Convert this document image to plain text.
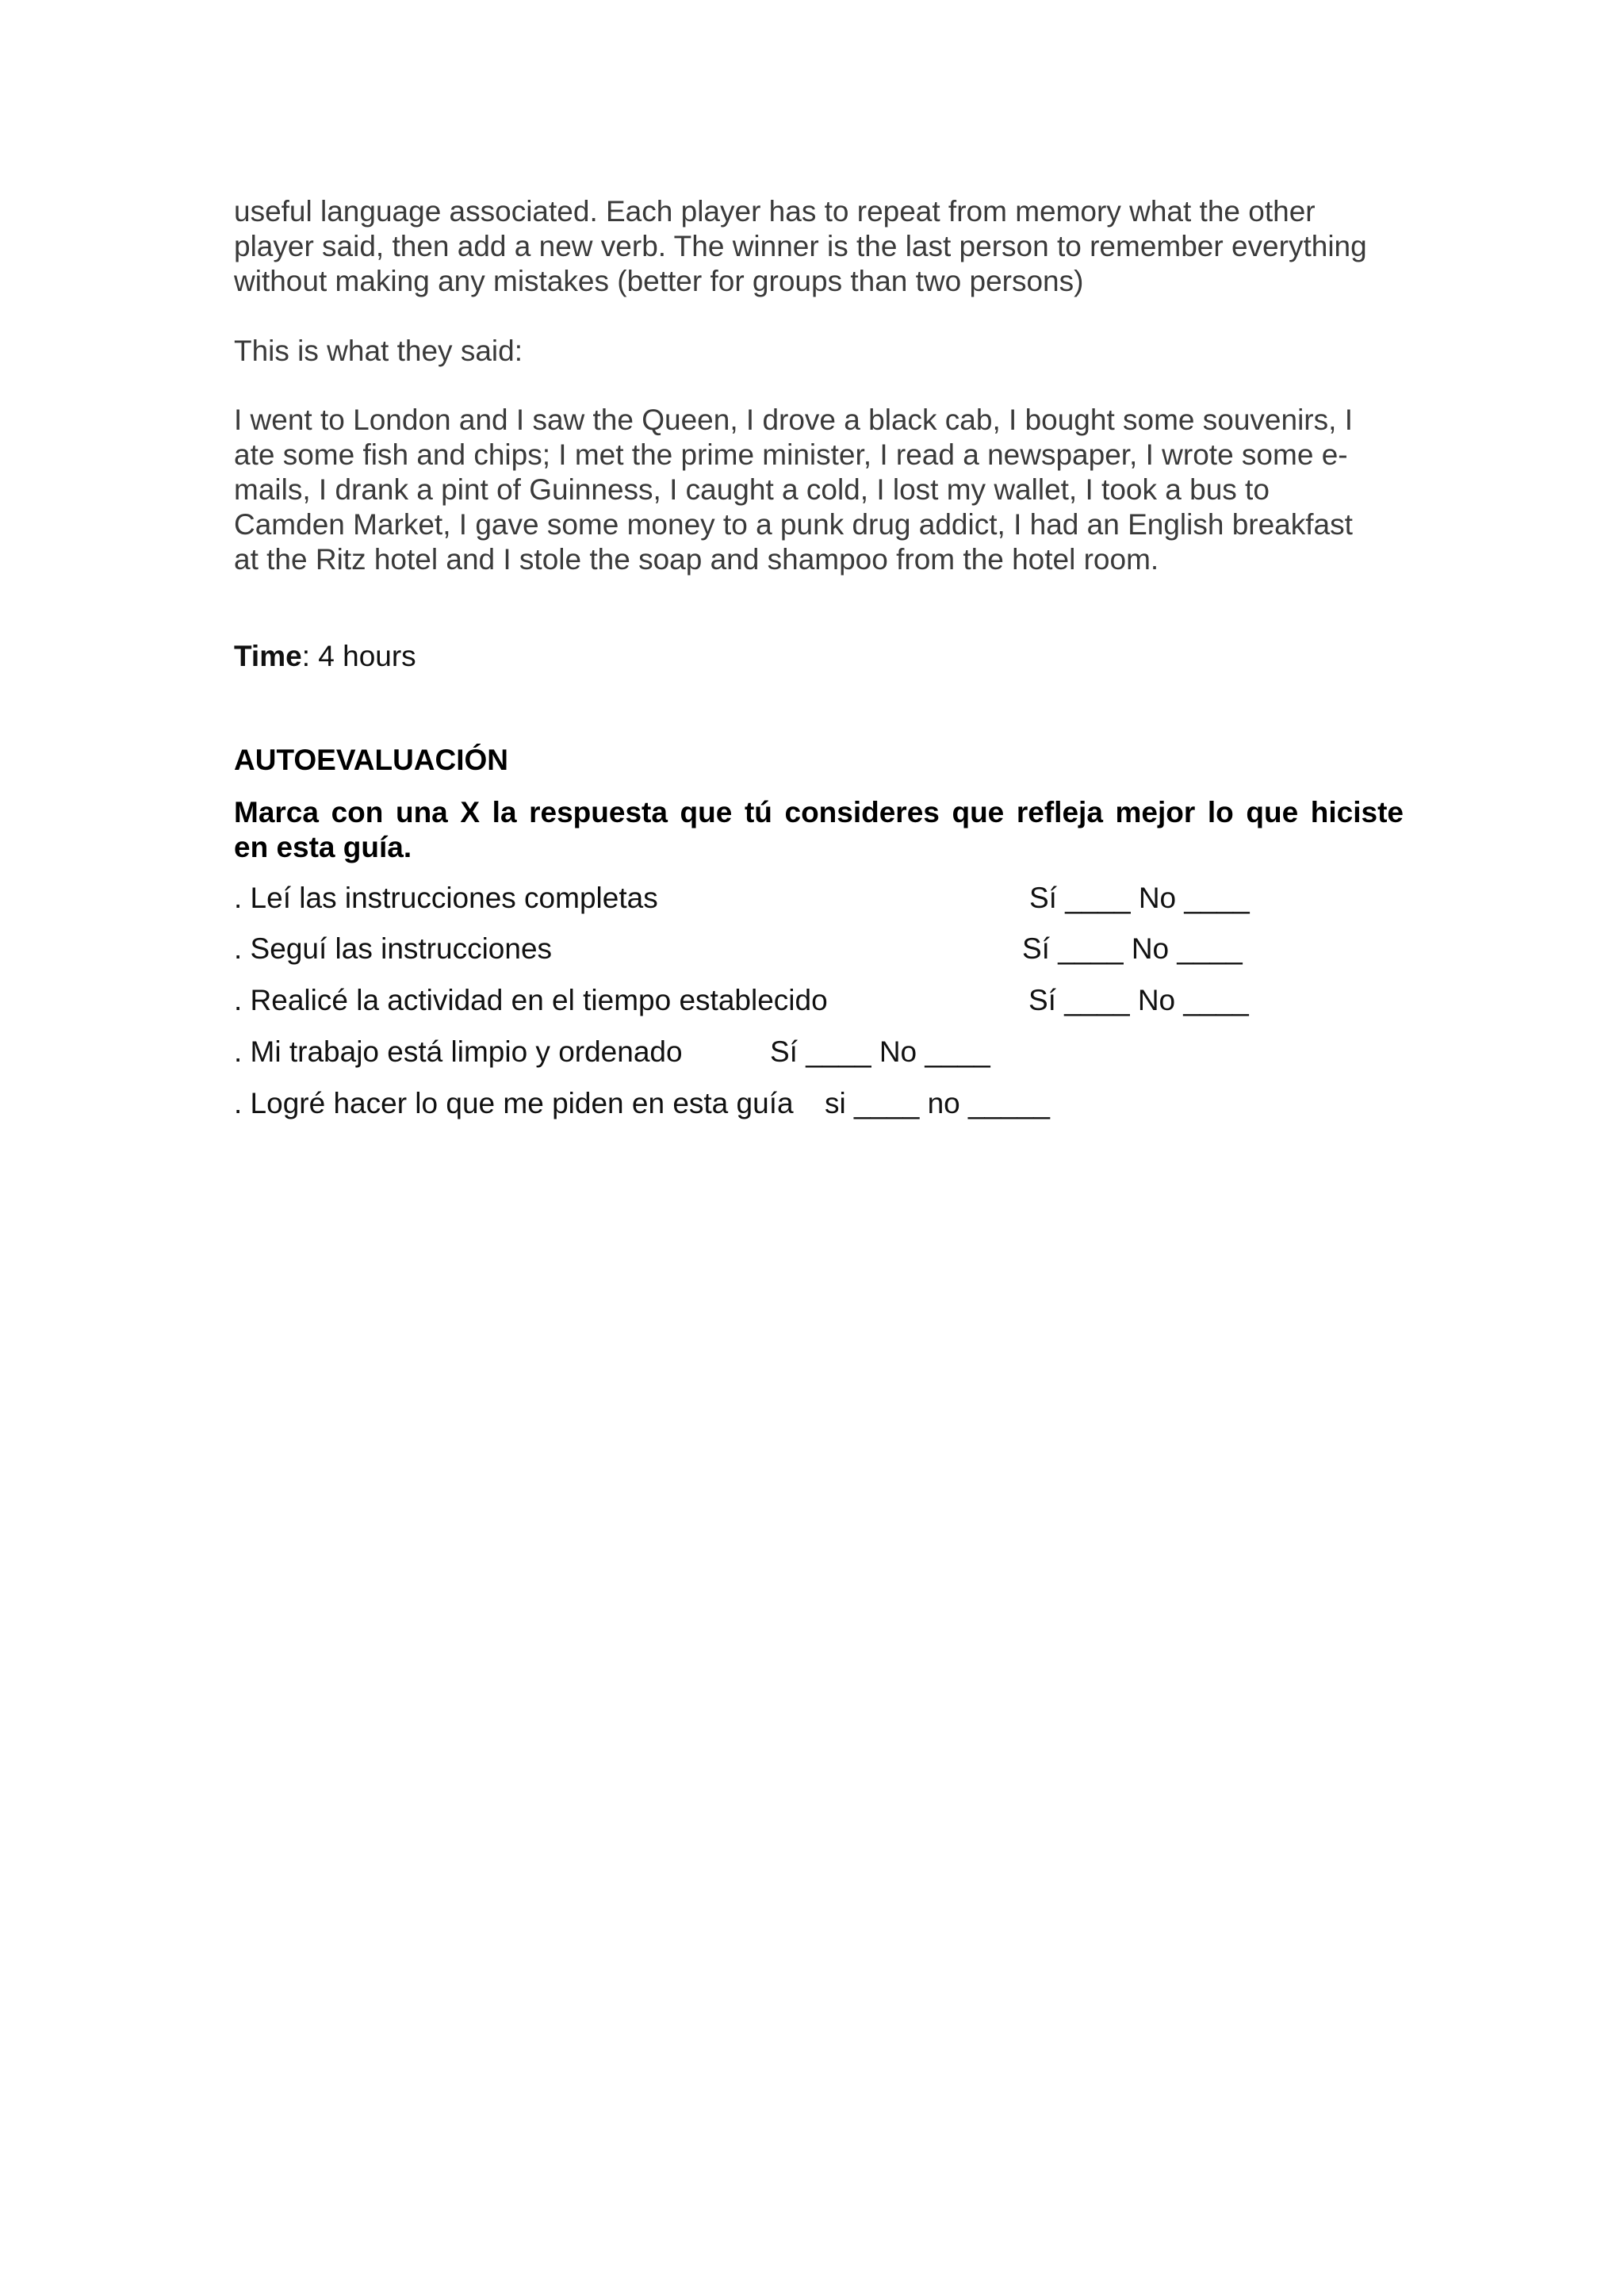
useful language associated. Each player has to repeat from memory what the other
player said, then add a new verb. The winner is the last person to remember everything
without making any mistakes (better for groups than two persons)
This is what they said:
I went to London and I saw the Queen, I drove a black cab, I bought some souvenirs, I
ate some fish and chips; I met the prime minister, I read a newspaper, I wrote some e-
mails, I drank a pint of Guinness, I caught a cold, I lost my wallet, I took a bus to
Camden Market, I gave some money to a punk drug addict, I had an English breakfast
at the Ritz hotel and I stole the soap and shampoo from the hotel room.
Time: 4 hours
AUTOEVALUACIÓN
Marca con una X la respuesta que tú consideres que refleja mejor lo que hiciste
en esta guía.
. Leí las instrucciones completas	Sí ____ No ____
. Seguí las instrucciones	Sí ____ No ____
. Realicé la actividad en el tiempo establecido	Sí ____ No ____
. Mi trabajo está limpio y ordenado	Sí ____ No ____
. Logré hacer lo que me piden en esta guía si ____ no _____
